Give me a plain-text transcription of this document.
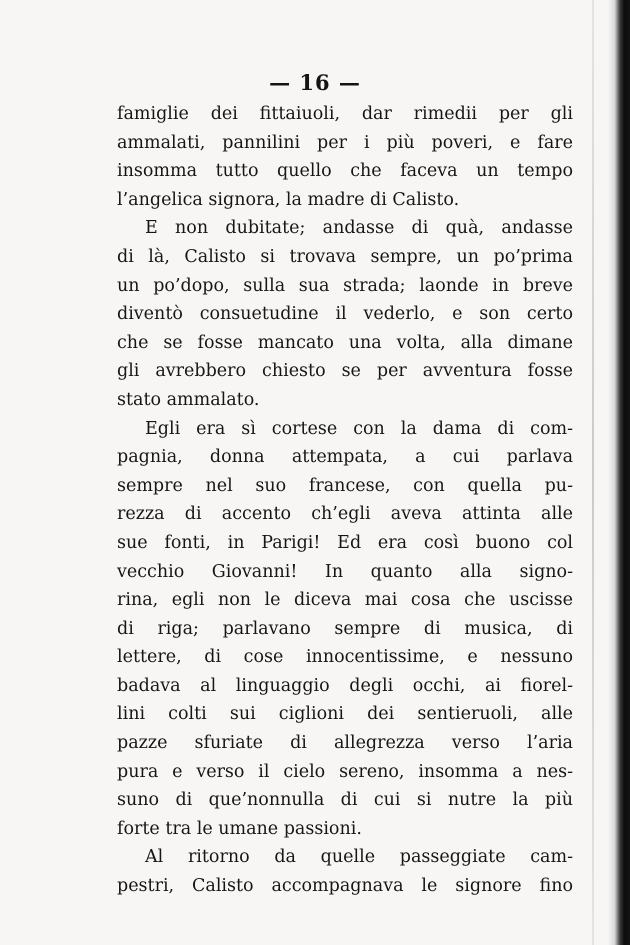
— 16 —
famiglie dei fittaiuoli, dar rimedii per gli
ammalati, pannilini per i più poveri, e fare
insomma tutto quello che faceva un tempo
l’angelica signora, la madre di Calisto.
E non dubitate; andasse di quà, andasse
di là, Calisto si trovava sempre, un po’prima
un po’dopo, sulla sua strada; laonde in breve
diventò consuetudine il vederlo, e son certo
che se fosse mancato una volta, alla dimane
gli avrebbero chiesto se per avventura fosse
stato ammalato.
Egli era sì cortese con la dama di com-
pagnia, donna attempata, a cui parlava
sempre nel suo francese, con quella pu-
rezza di accento ch’egli aveva attinta alle
sue fonti, in Parigi! Ed era così buono col
vecchio Giovanni! In quanto alla signo-
rina, egli non le diceva mai cosa che uscisse
di riga; parlavano sempre di musica, di
lettere, di cose innocentissime, e nessuno
badava al linguaggio degli occhi, ai fiorel-
lini colti sui ciglioni dei sentieruoli, alle
pazze sfuriate di allegrezza verso l’aria
pura e verso il cielo sereno, insomma a nes-
suno di que’nonnulla di cui si nutre la più
forte tra le umane passioni.
Al ritorno da quelle passeggiate cam-
pestri, Calisto accompagnava le signore fino
